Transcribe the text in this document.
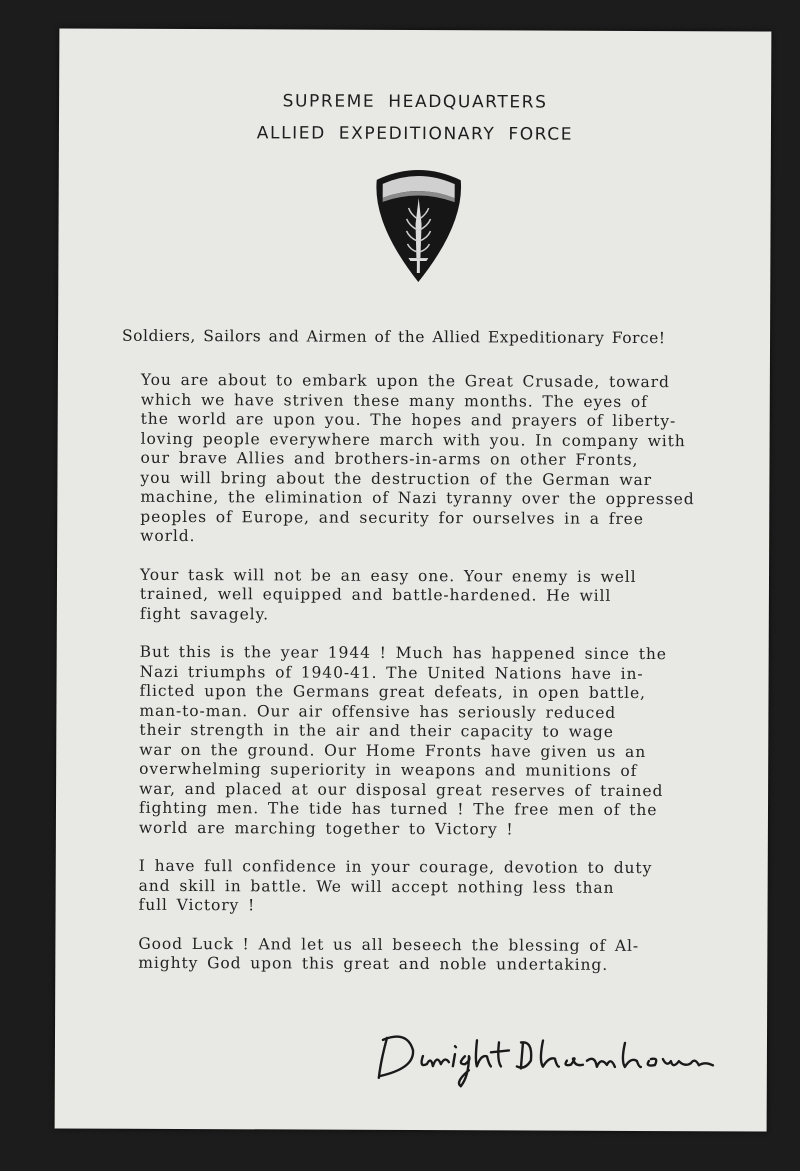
SUPREME HEADQUARTERS
ALLIED EXPEDITIONARY FORCE
Soldiers, Sailors and Airmen of the Allied Expeditionary Force!
You are about to embark upon the Great Crusade, toward
which we have striven these many months. The eyes of
the world are upon you. The hopes and prayers of liberty-
loving people everywhere march with you. In company with
our brave Allies and brothers-in-arms on other Fronts,
you will bring about the destruction of the German war
machine, the elimination of Nazi tyranny over the oppressed
peoples of Europe, and security for ourselves in a free
world.
Your task will not be an easy one. Your enemy is well
trained, well equipped and battle-hardened. He will
fight savagely.
But this is the year 1944 ! Much has happened since the
Nazi triumphs of 1940-41. The United Nations have in-
flicted upon the Germans great defeats, in open battle,
man-to-man. Our air offensive has seriously reduced
their strength in the air and their capacity to wage
war on the ground. Our Home Fronts have given us an
overwhelming superiority in weapons and munitions of
war, and placed at our disposal great reserves of trained
fighting men. The tide has turned ! The free men of the
world are marching together to Victory !
I have full confidence in your courage, devotion to duty
and skill in battle. We will accept nothing less than
full Victory !
Good Luck ! And let us all beseech the blessing of Al-
mighty God upon this great and noble undertaking.
